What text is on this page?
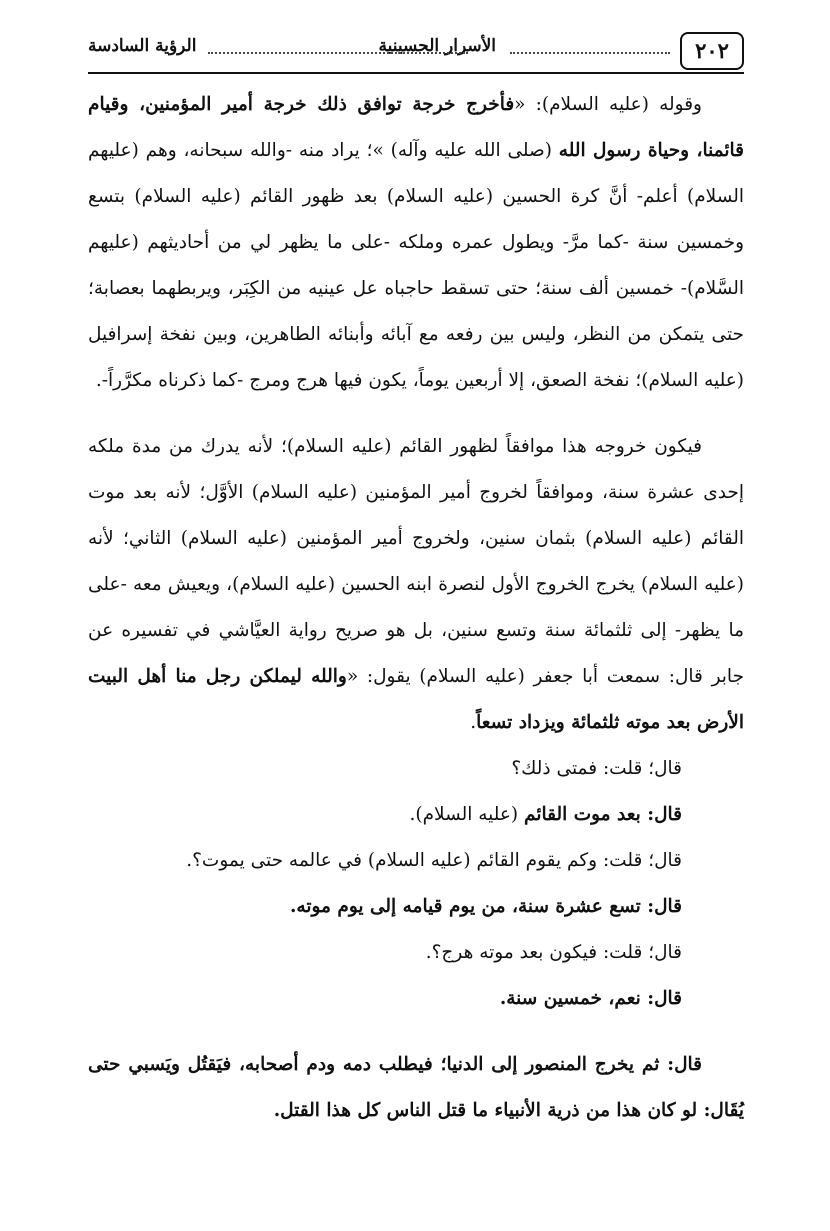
٢٠٢
الأسرار الحسينية
الرؤية السادسة

وقوله (عليه السلام): «فأخرج خرجة توافق ذلك خرجة أمير المؤمنين، وقيام قائمنا، وحياة رسول الله (صلى الله عليه وآله) »؛ يراد منه -والله سبحانه، وهم (عليهم السلام) أعلم- أنَّ كرة الحسين (عليه السلام) بعد ظهور القائم (عليه السلام) بتسع وخمسين سنة -كما مرَّ- ويطول عمره وملكه -على ما يظهر لي من أحاديثهم (عليهم السَّلام)- خمسين ألف سنة؛ حتى تسقط حاجباه عل عينيه من الكِبَر، ويربطهما بعصابة؛ حتى يتمكن من النظر، وليس بين رفعه مع آبائه وأبنائه الطاهرين، وبين نفخة إسرافيل (عليه السلام)؛ نفخة الصعق، إلا أربعين يوماً، يكون فيها هرج ومرج -كما ذكرناه مكرَّراً-.

فيكون خروجه هذا موافقاً لظهور القائم (عليه السلام)؛ لأنه يدرك من مدة ملكه إحدى عشرة سنة، وموافقاً لخروج أمير المؤمنين (عليه السلام) الأوَّل؛ لأنه بعد موت القائم (عليه السلام) بثمان سنين، ولخروج أمير المؤمنين (عليه السلام) الثاني؛ لأنه (عليه السلام) يخرج الخروج الأول لنصرة ابنه الحسين (عليه السلام)، ويعيش معه -على ما يظهر- إلى ثلثمائة سنة وتسع سنين، بل هو صريح رواية العيَّاشي في تفسيره عن جابر قال: سمعت أبا جعفر (عليه السلام) يقول: «والله ليملكن رجل منا أهل البيت الأرض بعد موته ثلثمائة ويزداد تسعاً.

قال؛ قلت: فمتى ذلك؟

قال: بعد موت القائم (عليه السلام).

قال؛ قلت: وكم يقوم القائم (عليه السلام) في عالمه حتى يموت؟.

قال: تسع عشرة سنة، من يوم قيامه إلى يوم موته.

قال؛ قلت: فيكون بعد موته هرج؟.

قال: نعم، خمسين سنة.

قال: ثم يخرج المنصور إلى الدنيا؛ فيطلب دمه ودم أصحابه، فيَقتُل ويَسبي حتى يُقَال: لو كان هذا من ذرية الأنبياء ما قتل الناس كل هذا القتل.
